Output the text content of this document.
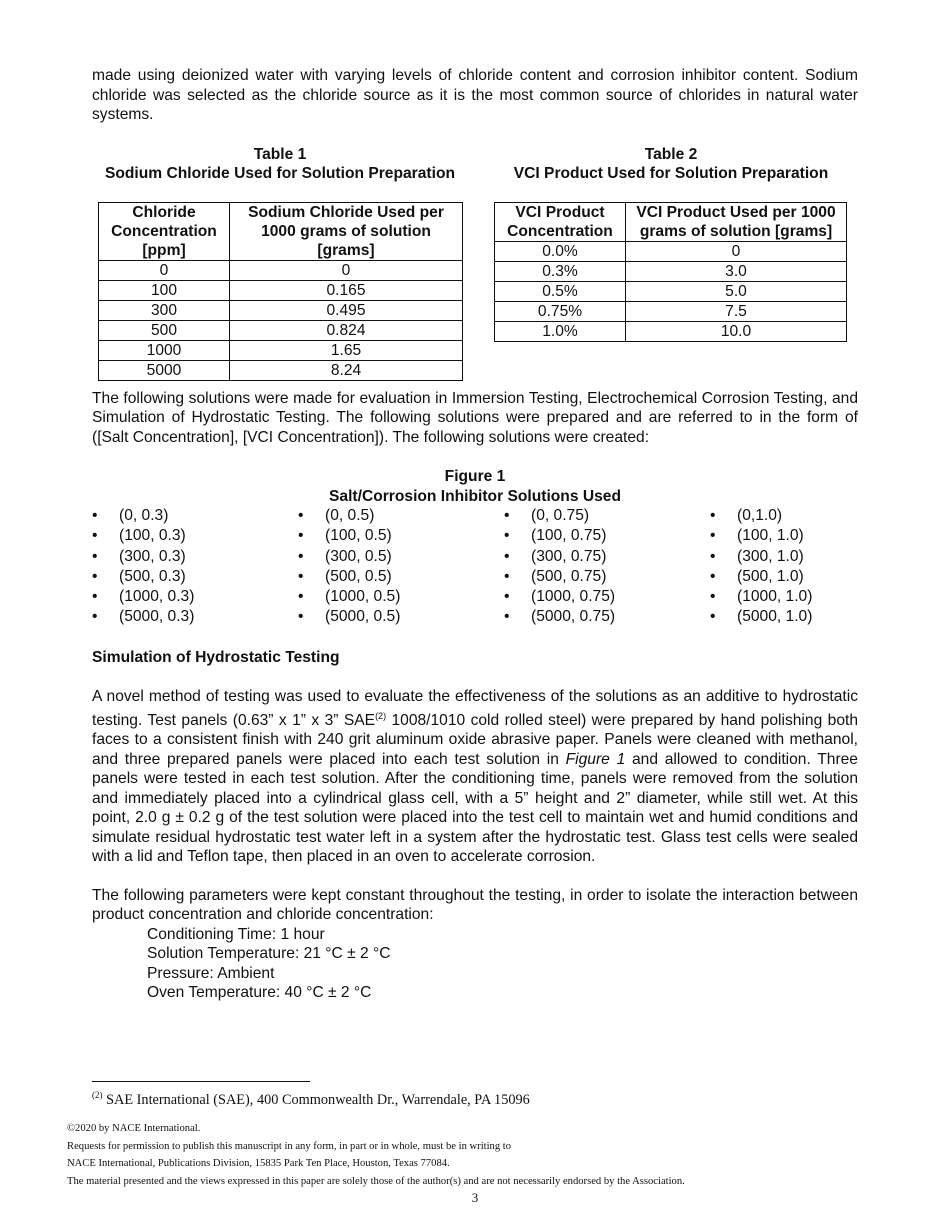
made using deionized water with varying levels of chloride content and corrosion inhibitor content. Sodium chloride was selected as the chloride source as it is the most common source of chlorides in natural water systems.

Table 1
Sodium Chloride Used for Solution Preparation
Chloride Concentration [ppm]	Sodium Chloride Used per 1000 grams of solution [grams]
0	0
100	0.165
300	0.495
500	0.824
1000	1.65
5000	8.24
Table 2
VCI Product Used for Solution Preparation
VCI Product Concentration	VCI Product Used per 1000 grams of solution [grams]
0.0%	0
0.3%	3.0
0.5%	5.0
0.75%	7.5
1.0%	10.0

The following solutions were made for evaluation in Immersion Testing, Electrochemical Corrosion Testing, and Simulation of Hydrostatic Testing. The following solutions were prepared and are referred to in the form of ([Salt Concentration], [VCI Concentration]). The following solutions were created:

Figure 1
Salt/Corrosion Inhibitor Solutions Used
• (0, 0.3)
• (100, 0.3)
• (300, 0.3)
• (500, 0.3)
• (1000, 0.3)
• (5000, 0.3)
• (0, 0.5)
• (100, 0.5)
• (300, 0.5)
• (500, 0.5)
• (1000, 0.5)
• (5000, 0.5)
• (0, 0.75)
• (100, 0.75)
• (300, 0.75)
• (500, 0.75)
• (1000, 0.75)
• (5000, 0.75)
• (0,1.0)
• (100, 1.0)
• (300, 1.0)
• (500, 1.0)
• (1000, 1.0)
• (5000, 1.0)
Simulation of Hydrostatic Testing

A novel method of testing was used to evaluate the effectiveness of the solutions as an additive to hydrostatic testing. Test panels (0.63” x 1” x 3” SAE$^{(2)}$ 1008/1010 cold rolled steel) were prepared by hand polishing both faces to a consistent finish with 240 grit aluminum oxide abrasive paper. Panels were cleaned with methanol, and three prepared panels were placed into each test solution in Figure 1 and allowed to condition. Three panels were tested in each test solution. After the conditioning time, panels were removed from the solution and immediately placed into a cylindrical glass cell, with a 5” height and 2” diameter, while still wet. At this point, 2.0 g ± 0.2 g of the test solution were placed into the test cell to maintain wet and humid conditions and simulate residual hydrostatic test water left in a system after the hydrostatic test. Glass test cells were sealed with a lid and Teflon tape, then placed in an oven to accelerate corrosion.

The following parameters were kept constant throughout the testing, in order to isolate the interaction between product concentration and chloride concentration:

Conditioning Time: 1 hour
Solution Temperature: 21 °C ± 2 °C
Pressure: Ambient
Oven Temperature: 40 °C ± 2 °C
$^{(2)}$ SAE International (SAE), 400 Commonwealth Dr., Warrendale, PA 15096
©2020 by NACE International.
Requests for permission to publish this manuscript in any form, in part or in whole, must be in writing to
NACE International, Publications Division, 15835 Park Ten Place, Houston, Texas 77084.
The material presented and the views expressed in this paper are solely those of the author(s) and are not necessarily endorsed by the Association.
3
